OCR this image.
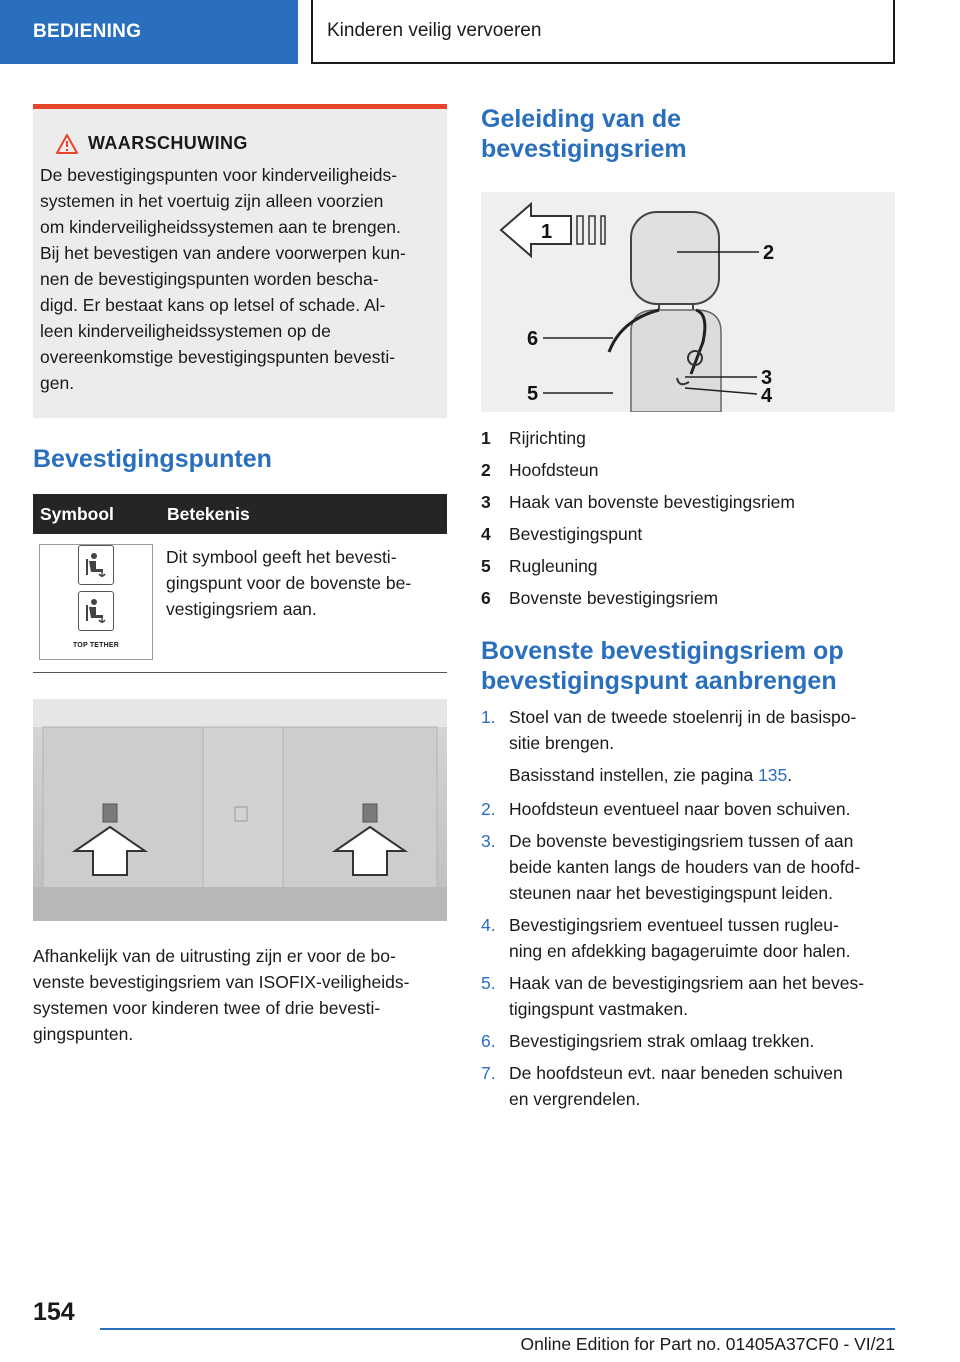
BEDIENING	Kinderen veilig vervoeren
WAARSCHUWING
De bevestigingspunten voor kinderveiligheids-
systemen in het voertuig zijn alleen voorzien
om kinderveiligheidssystemen aan te brengen.
Bij het bevestigen van andere voorwerpen kun-
nen de bevestigingspunten worden bescha-
digd. Er bestaat kans op letsel of schade. Al-
leen kinderveiligheidssystemen op de
overeenkomstige bevestigingspunten bevesti-
gen.
Bevestigingspunten
Symbool	Betekenis

TOP TETHER	Dit symbool geeft het bevesti-
gingspunt voor de bovenste be-
vestigingsriem aan.
Afhankelijk van de uitrusting zijn er voor de bo-
venste bevestigingsriem van ISOFIX-veiligheids-
systemen voor kinderen twee of drie bevesti-
gingspunten.
Geleiding van de
bevestigingsriem
1
2
6
5
3
4
1	Rijrichting
2	Hoofdsteun
3	Haak van bovenste bevestigingsriem
4	Bevestigingspunt
5	Rugleuning
6	Bovenste bevestigingsriem
Bovenste bevestigingsriem op
bevestigingspunt aanbrengen
1. Stoel van de tweede stoelenrij in de basispo-
sitie brengen.
Basisstand instellen, zie pagina 135.
2. Hoofdsteun eventueel naar boven schuiven.
3. De bovenste bevestigingsriem tussen of aan
beide kanten langs de houders van de hoofd-
steunen naar het bevestigingspunt leiden.
4. Bevestigingsriem eventueel tussen rugleu-
ning en afdekking bagageruimte door halen.
5. Haak van de bevestigingsriem aan het beves-
tigingspunt vastmaken.
6. Bevestigingsriem strak omlaag trekken.
7. De hoofdsteun evt. naar beneden schuiven
en vergrendelen.
154
Online Edition for Part no. 01405A37CF0 - VI/21
